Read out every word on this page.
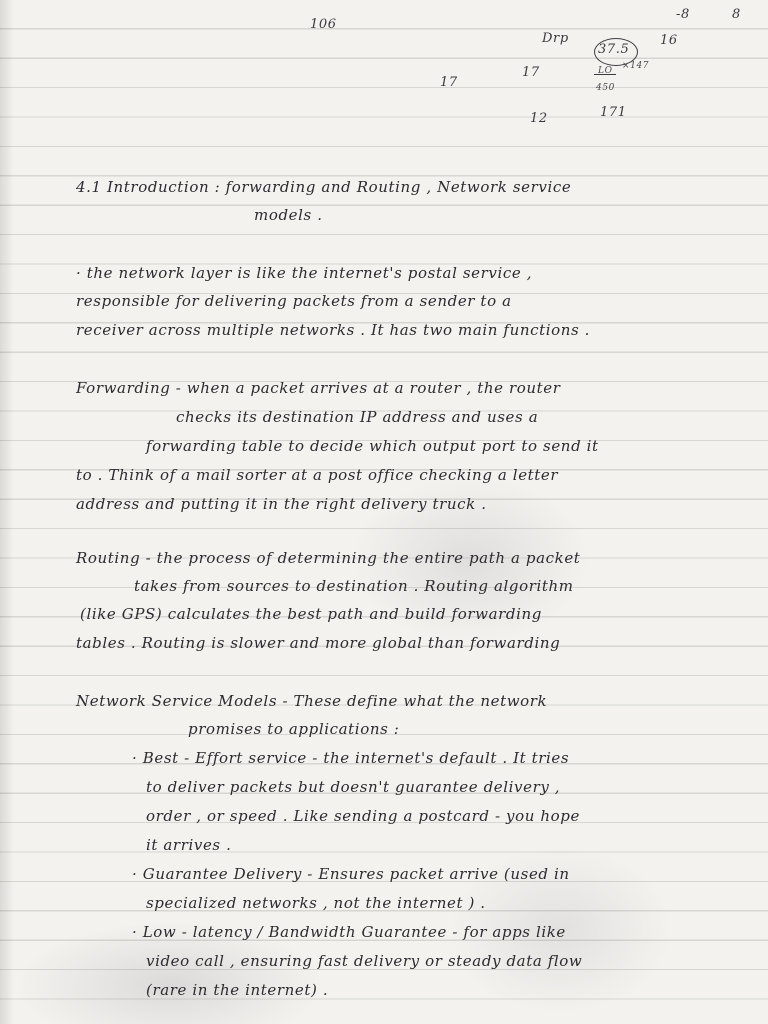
106
-8	8
Drp
37.5
16
LO ×147
17
17
450
12	171
4.1 Introduction : forwarding and Routing , Network service
models .
· the network layer is like the internet's postal service ,
responsible for delivering packets from a sender to a
receiver across multiple networks . It has two main functions .
Forwarding - when a packet arrives at a router , the router
checks its destination IP address and uses a
forwarding table to decide which output port to send it
to . Think of a mail sorter at a post office checking a letter
address and putting it in the right delivery truck .
Routing - the process of determining the entire path a packet
takes from sources to destination . Routing algorithm
(like GPS) calculates the best path and build forwarding
tables . Routing is slower and more global than forwarding
Network Service Models - These define what the network
promises to applications :
· Best - Effort service - the internet's default . It tries
to deliver packets but doesn't guarantee delivery ,
order , or speed . Like sending a postcard - you hope
it arrives .
· Guarantee Delivery - Ensures packet arrive (used in
specialized networks , not the internet ) .
· Low - latency / Bandwidth Guarantee - for apps like
video call , ensuring fast delivery or steady data flow
(rare in the internet) .
